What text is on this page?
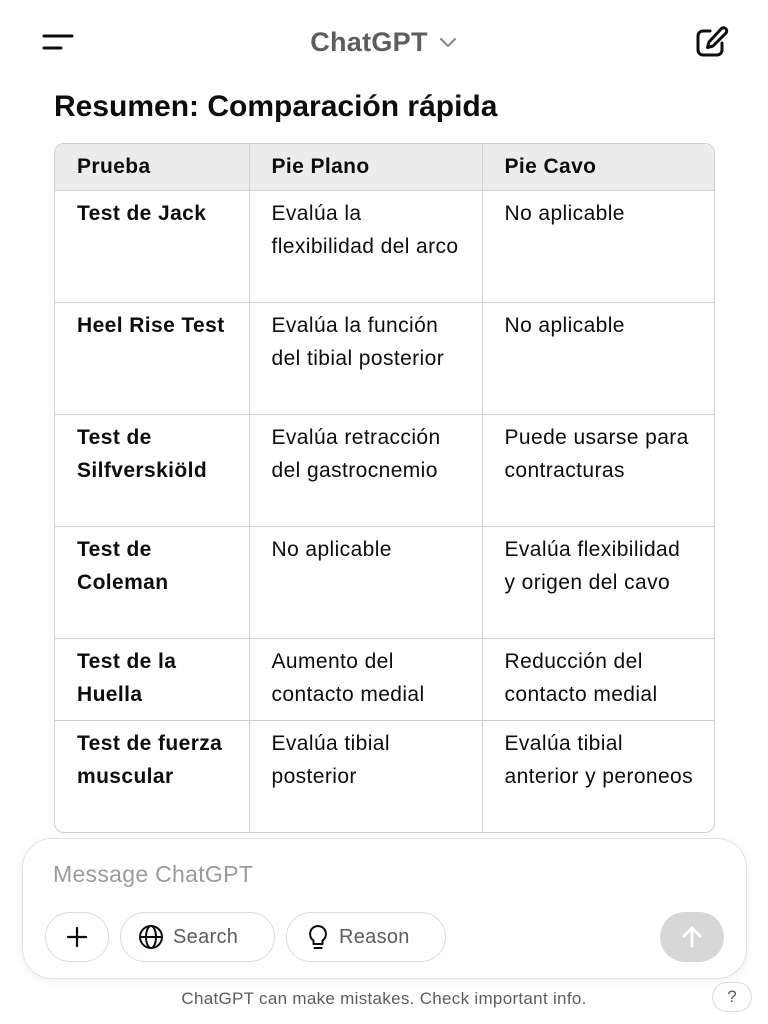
ChatGPT
Resumen: Comparación rápida
Prueba	Pie Plano	Pie Cavo
Test de Jack	Evalúa la flexibilidad del arco	No aplicable
Heel Rise Test	Evalúa la función del tibial posterior	No aplicable
Test de Silfverskiöld	Evalúa retracción del gastrocnemio	Puede usarse para contracturas
Test de Coleman	No aplicable	Evalúa flexibilidad y origen del cavo
Test de la Huella	Aumento del contacto medial	Reducción del contacto medial
Test de fuerza muscular	Evalúa tibial posterior	Evalúa tibial anterior y peroneos
Message ChatGPT
Search	Reason
ChatGPT can make mistakes. Check important info.	?
